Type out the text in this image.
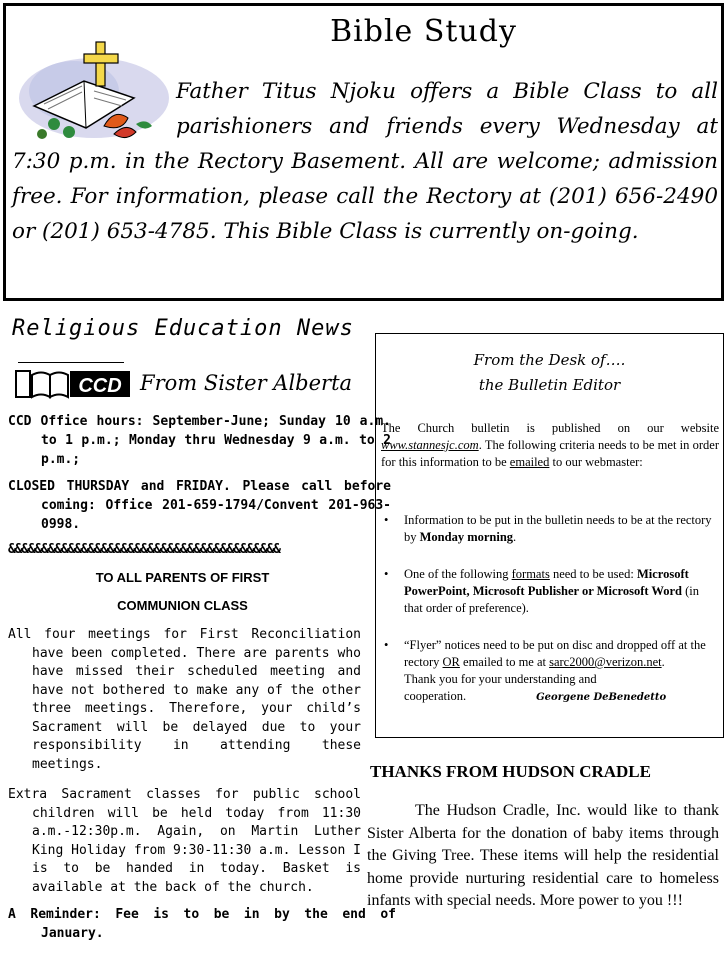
Bible Study
Father Titus Njoku offers a Bible Class to all parishioners and friends every Wednesday at 7:30 p.m. in the Rectory Basement. All are welcome; admission free. For information, please call the Rectory at (201) 656-2490 or (201) 653-4785. This Bible Class is currently on-going.
Religious Education News
CCD From Sister Alberta
CCD Office hours: September-June; Sunday 10 a.m. to 1 p.m.; Monday thru Wednesday 9 a.m. to 2 p.m.;
CLOSED THURSDAY and FRIDAY. Please call before coming: Office 201-659-1794/Convent 201-963-0998.
&&&&&&&&&&&&&&&&&&&&&&&&&&&&&&&&&&&&&&&&&
TO ALL PARENTS OF FIRST
COMMUNION CLASS
All four meetings for First Reconciliation have been completed. There are parents who have missed their scheduled meeting and have not bothered to make any of the other three meetings. Therefore, your child’s Sacrament will be delayed due to your responsibility in attending these meetings.
Extra Sacrament classes for public school children will be held today from 11:30 a.m.-12:30p.m. Again, on Martin Luther King Holiday from 9:30-11:30 a.m. Lesson I is to be handed in today. Basket is available at the back of the church.
A Reminder: Fee is to be in by the end of January.
From the Desk of….
the Bulletin Editor
The Church bulletin is published on our website www.stannesjc.com. The following criteria needs to be met in order for this information to be emailed to our webmaster:
• Information to be put in the bulletin needs to be at the rectory by Monday morning.
• One of the following formats need to be used: Microsoft PowerPoint, Microsoft Publisher or Microsoft Word (in that order of preference).
• “Flyer” notices need to be put on disc and dropped off at the rectory OR emailed to me at sarc2000@verizon.net.
Thank you for your understanding and cooperation.	Georgene DeBenedetto
THANKS FROM HUDSON CRADLE
The Hudson Cradle, Inc. would like to thank Sister Alberta for the donation of baby items through the Giving Tree. These items will help the residential home provide nurturing residential care to homeless infants with special needs. More power to you !!!
